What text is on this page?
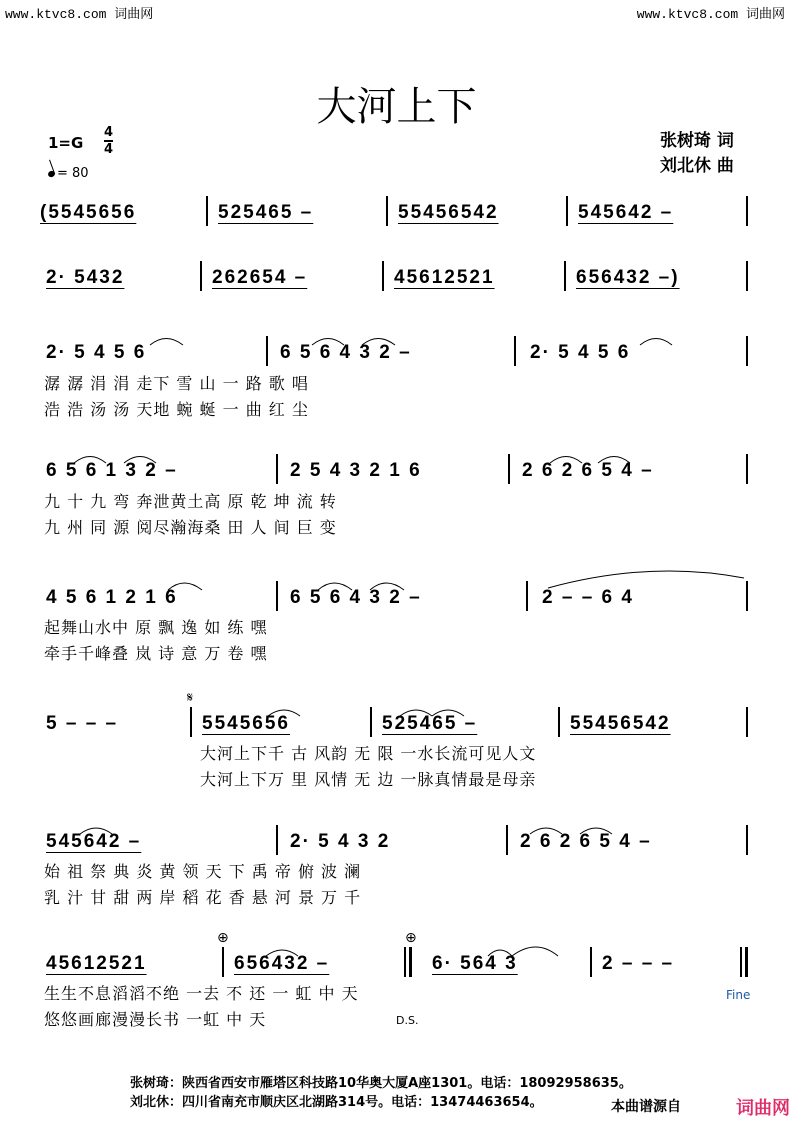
www.ktvc8.com 词曲网	www.ktvc8.com 词曲网
大河上下
张树琦 词
刘北休 曲
$1=G \frac{4}{4}$
= 80
(5545656	525465 –	55456542	545642 –
2· 5432	262654 –	45612521	656432 –)
2· 5 4 5 6	6 5 6 4 3 2 –	2· 5 4 5 6
潺 潺 涓 涓 走下 雪 山 一 路 歌 唱
浩 浩 汤 汤 天地 蜿 蜒 一 曲 红 尘
6 5 6 1 3 2 –	2 5 4 3 2 1 6	2 6 2 6 5 4 –
九 十 九 弯 奔泄黄土高 原 乾 坤 流 转
九 州 同 源 阅尽瀚海桑 田 人 间 巨 变
4 5 6 1 2 1 6	6 5 6 4 3 2 –	2 – – 6 4
起舞山水中 原 飘 逸 如 练 嘿
牵手千峰叠 岚 诗 意 万 卷 嘿
𝄋
5 – – –	5545656	525465 –	55456542
大河上下千 古 风韵 无 限 一水长流可见人文
大河上下万 里 风情 无 边 一脉真情最是母亲
545642 –	2· 5 4 3 2	2 6 2 6 5 4 –
始 祖 祭 典 炎 黄 领 天 下 禹 帝 俯 波 澜
乳 汁 甘 甜 两 岸 稻 花 香 悬 河 景 万 千
⊕	⊕
45612521	656432 –	6· 564 3	2 – – –
生生不息滔滔不绝 一去 不 还 一 虹 中 天
悠悠画廊漫漫长书 一虹 中 天
Fine
D.S.
张树琦：陕西省西安市雁塔区科技路10华奥大厦A座1301。电话：18092958635。
刘北休：四川省南充市顺庆区北湖路314号。电话：13474463654。	本曲谱源自	词曲网
